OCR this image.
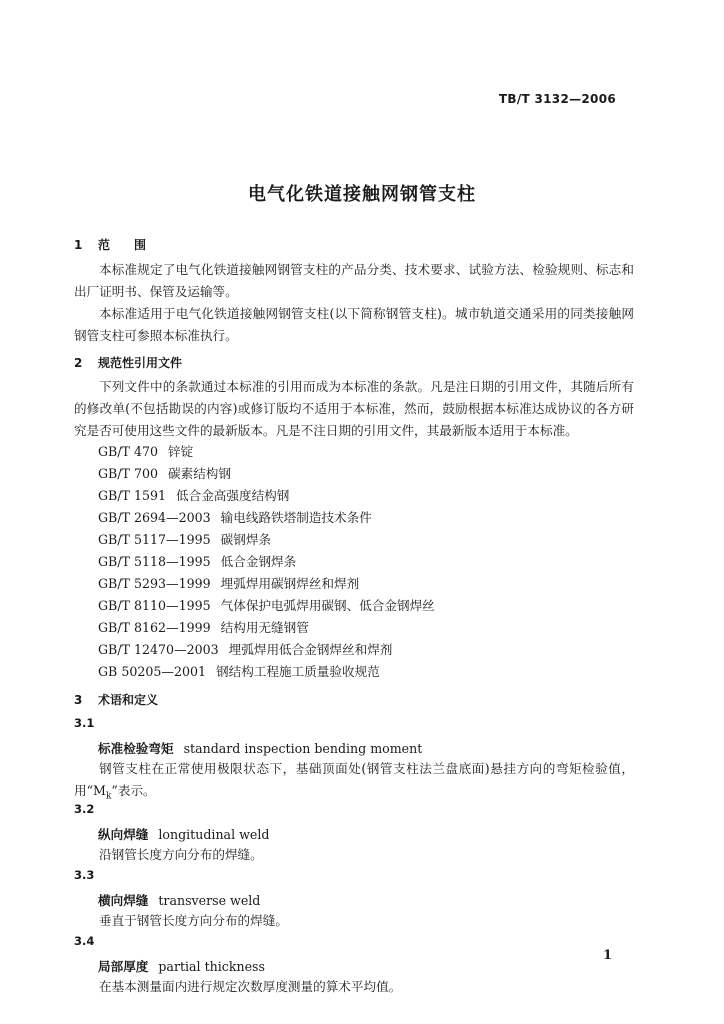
TB/T 3132—2006
电气化铁道接触网钢管支柱
1 范　　围
本标准规定了电气化铁道接触网钢管支柱的产品分类、技术要求、试验方法、检验规则、标志和出厂证明书、保管及运输等。
本标准适用于电气化铁道接触网钢管支柱(以下简称钢管支柱)。城市轨道交通采用的同类接触网钢管支柱可参照本标准执行。
2 规范性引用文件
下列文件中的条款通过本标准的引用而成为本标准的条款。凡是注日期的引用文件，其随后所有的修改单(不包括勘误的内容)或修订版均不适用于本标准，然而，鼓励根据本标准达成协议的各方研究是否可使用这些文件的最新版本。凡是不注日期的引用文件，其最新版本适用于本标准。
GB/T 470 锌锭
GB/T 700 碳素结构钢
GB/T 1591 低合金高强度结构钢
GB/T 2694—2003 输电线路铁塔制造技术条件
GB/T 5117—1995 碳钢焊条
GB/T 5118—1995 低合金钢焊条
GB/T 5293—1999 埋弧焊用碳钢焊丝和焊剂
GB/T 8110—1995 气体保护电弧焊用碳钢、低合金钢焊丝
GB/T 8162—1999 结构用无缝钢管
GB/T 12470—2003 埋弧焊用低合金钢焊丝和焊剂
GB 50205—2001 钢结构工程施工质量验收规范
3 术语和定义
3.1
标准检验弯矩 standard inspection bending moment
钢管支柱在正常使用极限状态下，基础顶面处(钢管支柱法兰盘底面)悬挂方向的弯矩检验值，用“$M_k$”表示。
3.2
纵向焊缝 longitudinal weld
沿钢管长度方向分布的焊缝。
3.3
横向焊缝 transverse weld
垂直于钢管长度方向分布的焊缝。
3.4
局部厚度 partial thickness
在基本测量面内进行规定次数厚度测量的算术平均值。
1
